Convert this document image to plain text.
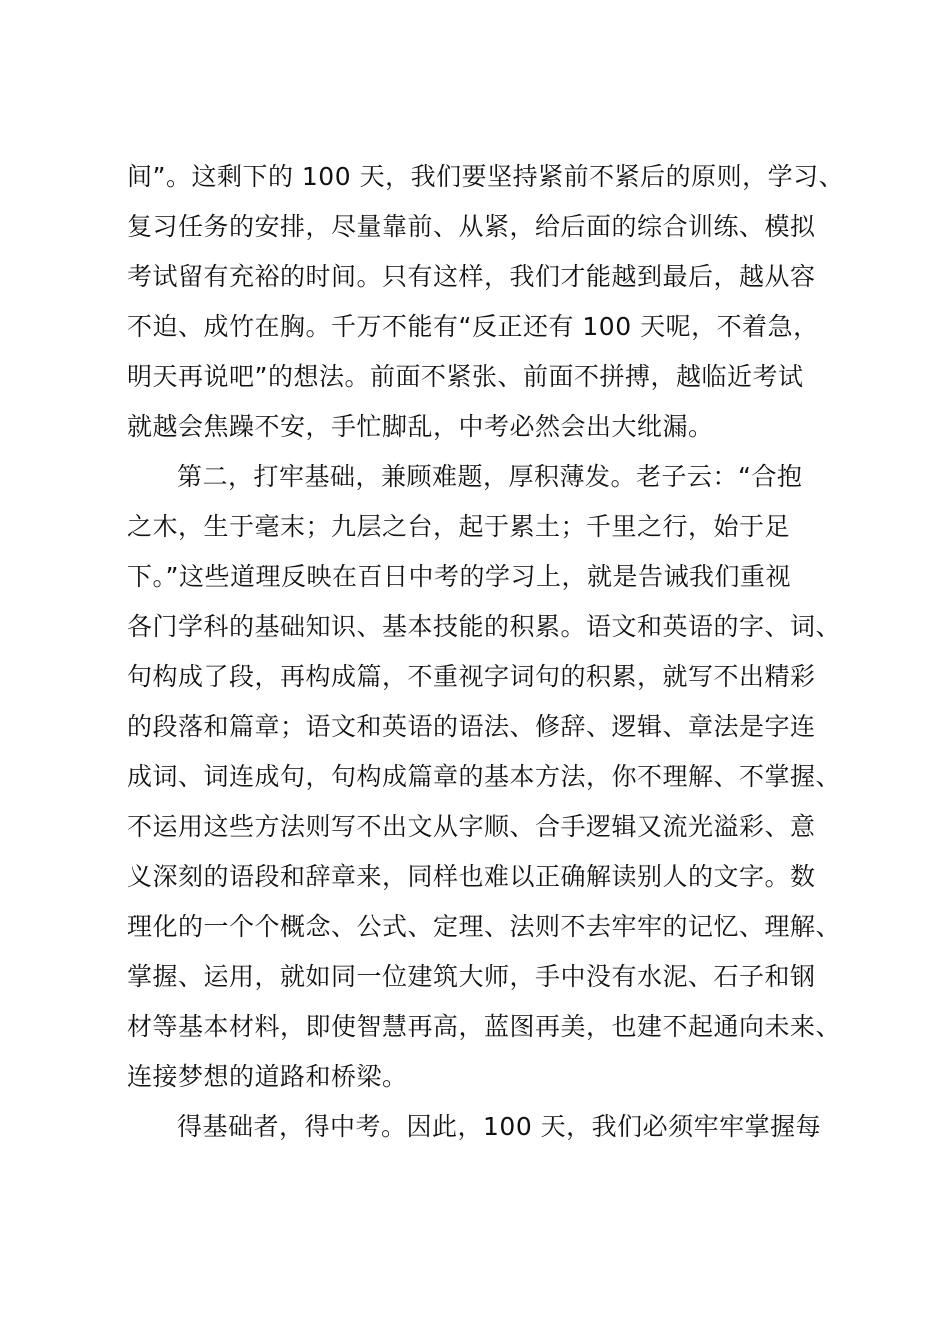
间”。这剩下的 100 天，我们要坚持紧前不紧后的原则，学习、
复习任务的安排，尽量靠前、从紧，给后面的综合训练、模拟
考试留有充裕的时间。只有这样，我们才能越到最后，越从容
不迫、成竹在胸。千万不能有“反正还有 100 天呢，不着急，
明天再说吧”的想法。前面不紧张、前面不拼搏，越临近考试
就越会焦躁不安，手忙脚乱，中考必然会出大纰漏。
第二，打牢基础，兼顾难题，厚积薄发。老子云：“合抱
之木，生于毫末；九层之台，起于累土；千里之行，始于足
下。”这些道理反映在百日中考的学习上，就是告诫我们重视
各门学科的基础知识、基本技能的积累。语文和英语的字、词、
句构成了段，再构成篇，不重视字词句的积累，就写不出精彩
的段落和篇章；语文和英语的语法、修辞、逻辑、章法是字连
成词、词连成句，句构成篇章的基本方法，你不理解、不掌握、
不运用这些方法则写不出文从字顺、合手逻辑又流光溢彩、意
义深刻的语段和辞章来，同样也难以正确解读别人的文字。数
理化的一个个概念、公式、定理、法则不去牢牢的记忆、理解、
掌握、运用，就如同一位建筑大师，手中没有水泥、石子和钢
材等基本材料，即使智慧再高，蓝图再美，也建不起通向未来、
连接梦想的道路和桥梁。
得基础者，得中考。因此，100 天，我们必须牢牢掌握每
